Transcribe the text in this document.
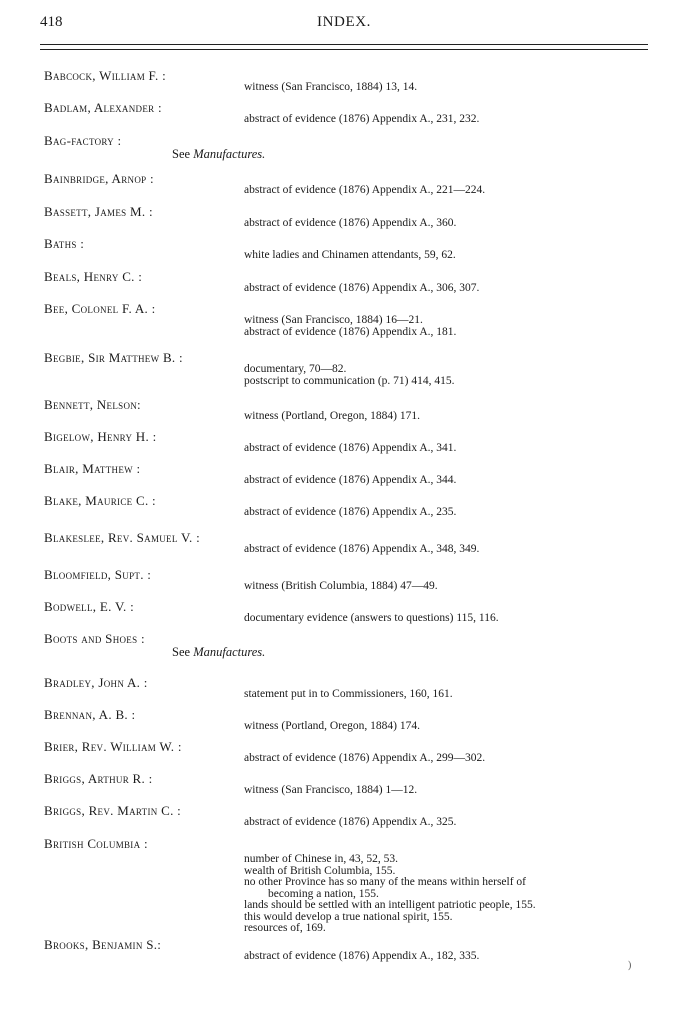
418	INDEX.
Babcock, William F. :
witness (San Francisco, 1884) 13, 14.
Badlam, Alexander :
abstract of evidence (1876) Appendix A., 231, 232.
Bag-factory :
See Manufactures.
Bainbridge, Arnop :
abstract of evidence (1876) Appendix A., 221—224.
Bassett, James M. :
abstract of evidence (1876) Appendix A., 360.
Baths :
white ladies and Chinamen attendants, 59, 62.
Beals, Henry C. :
abstract of evidence (1876) Appendix A., 306, 307.
Bee, Colonel F. A. :
witness (San Francisco, 1884) 16—21.
abstract of evidence (1876) Appendix A., 181.
Begbie, Sir Matthew B. :
documentary, 70—82.
postscript to communication (p. 71) 414, 415.
Bennett, Nelson:
witness (Portland, Oregon, 1884) 171.
Bigelow, Henry H. :
abstract of evidence (1876) Appendix A., 341.
Blair, Matthew :
abstract of evidence (1876) Appendix A., 344.
Blake, Maurice C. :
abstract of evidence (1876) Appendix A., 235.
Blakeslee, Rev. Samuel V. :
abstract of evidence (1876) Appendix A., 348, 349.
Bloomfield, Supt. :
witness (British Columbia, 1884) 47—49.
Bodwell, E. V. :
documentary evidence (answers to questions) 115, 116.
Boots and Shoes :
See Manufactures.
Bradley, John A. :
statement put in to Commissioners, 160, 161.
Brennan, A. B. :
witness (Portland, Oregon, 1884) 174.
Brier, Rev. William W. :
abstract of evidence (1876) Appendix A., 299—302.
Briggs, Arthur R. :
witness (San Francisco, 1884) 1—12.
Briggs, Rev. Martin C. :
abstract of evidence (1876) Appendix A., 325.
British Columbia :
number of Chinese in, 43, 52, 53.
wealth of British Columbia, 155.
no other Province has so many of the means within herself of
becoming a nation, 155.
lands should be settled with an intelligent patriotic people, 155.
this would develop a true national spirit, 155.
resources of, 169.
Brooks, Benjamin S.:
abstract of evidence (1876) Appendix A., 182, 335.
)
